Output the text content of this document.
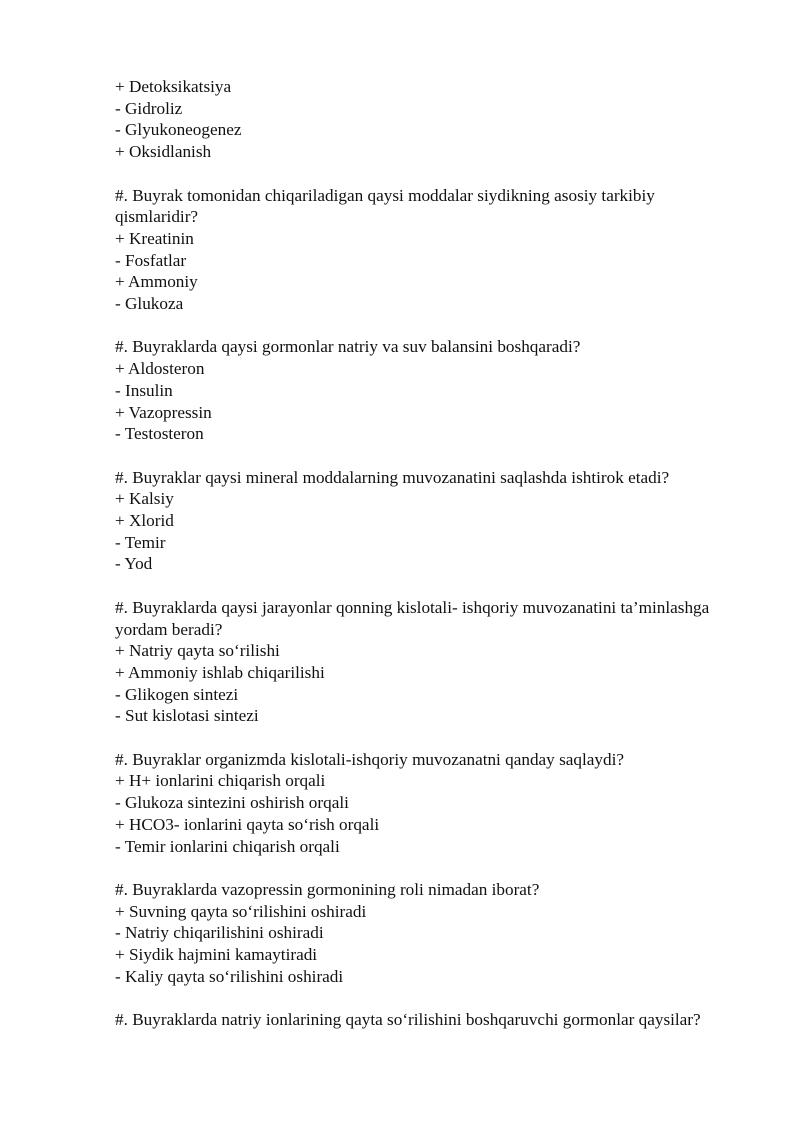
+ Detoksikatsiya

- Gidroliz

- Glyukoneogenez

+ Oksidlanish

#. Buyrak tomonidan chiqariladigan qaysi moddalar siydikning asosiy tarkibiy qismlaridir?

+ Kreatinin

- Fosfatlar

+ Ammoniy

- Glukoza

#. Buyraklarda qaysi gormonlar natriy va suv balansini boshqaradi?

+ Aldosteron

- Insulin

+ Vazopressin

- Testosteron

#. Buyraklar qaysi mineral moddalarning muvozanatini saqlashda ishtirok etadi?

+ Kalsiy

+ Xlorid

- Temir

- Yod

#. Buyraklarda qaysi jarayonlar qonning kislotali- ishqoriy muvozanatini ta’minlashga yordam beradi?

+ Natriy qayta so‘rilishi

+ Ammoniy ishlab chiqarilishi

- Glikogen sintezi

- Sut kislotasi sintezi

#. Buyraklar organizmda kislotali-ishqoriy muvozanatni qanday saqlaydi?

+ H+ ionlarini chiqarish orqali

- Glukoza sintezini oshirish orqali

+ HCO3- ionlarini qayta so‘rish orqali

- Temir ionlarini chiqarish orqali

#. Buyraklarda vazopressin gormonining roli nimadan iborat?

+ Suvning qayta so‘rilishini oshiradi

- Natriy chiqarilishini oshiradi

+ Siydik hajmini kamaytiradi

- Kaliy qayta so‘rilishini oshiradi

#. Buyraklarda natriy ionlarining qayta so‘rilishini boshqaruvchi gormonlar qaysilar?
